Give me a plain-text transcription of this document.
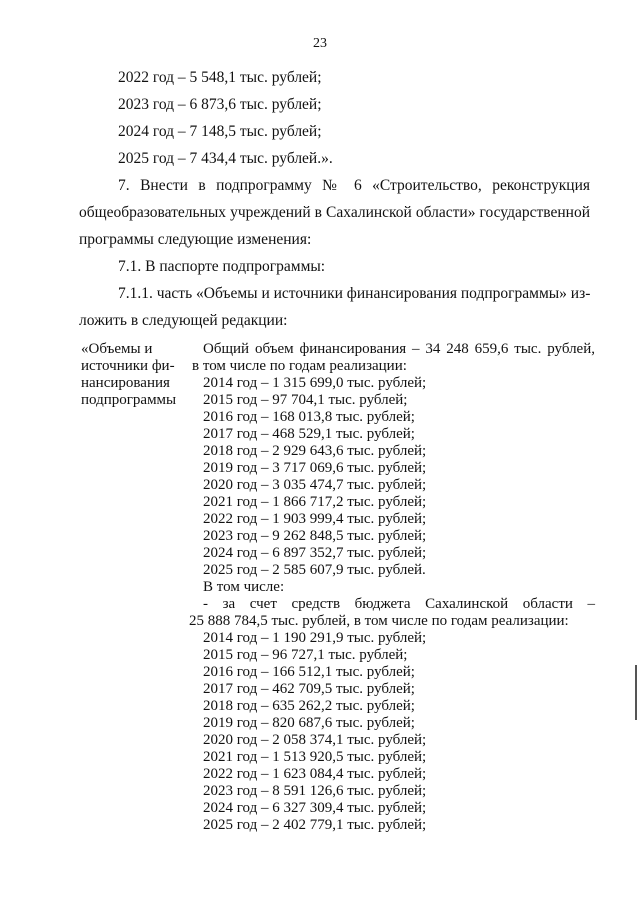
23
2022 год – 5 548,1 тыс. рублей;
2023 год – 6 873,6 тыс. рублей;
2024 год – 7 148,5 тыс. рублей;
2025 год – 7 434,4 тыс. рублей.».
7. Внести в подпрограмму № 6 «Строительство, реконструкция
общеобразовательных учреждений в Сахалинской области» государственной
программы следующие изменения:
7.1. В паспорте подпрограммы:
7.1.1. часть «Объемы и источники финансирования подпрограммы» из-
ложить в следующей редакции:
«Объемы и
источники фи-
нансирования
подпрограммы
Общий объем финансирования – 34 248 659,6 тыс. рублей,
в том числе по годам реализации:
2014 год – 1 315 699,0 тыс. рублей;
2015 год – 97 704,1 тыс. рублей;
2016 год – 168 013,8 тыс. рублей;
2017 год – 468 529,1 тыс. рублей;
2018 год – 2 929 643,6 тыс. рублей;
2019 год – 3 717 069,6 тыс. рублей;
2020 год – 3 035 474,7 тыс. рублей;
2021 год – 1 866 717,2 тыс. рублей;
2022 год – 1 903 999,4 тыс. рублей;
2023 год – 9 262 848,5 тыс. рублей;
2024 год – 6 897 352,7 тыс. рублей;
2025 год – 2 585 607,9 тыс. рублей.
В том числе:
- за счет средств бюджета Сахалинской области –
25 888 784,5 тыс. рублей, в том числе по годам реализации:
2014 год – 1 190 291,9 тыс. рублей;
2015 год – 96 727,1 тыс. рублей;
2016 год – 166 512,1 тыс. рублей;
2017 год – 462 709,5 тыс. рублей;
2018 год – 635 262,2 тыс. рублей;
2019 год – 820 687,6 тыс. рублей;
2020 год – 2 058 374,1 тыс. рублей;
2021 год – 1 513 920,5 тыс. рублей;
2022 год – 1 623 084,4 тыс. рублей;
2023 год – 8 591 126,6 тыс. рублей;
2024 год – 6 327 309,4 тыс. рублей;
2025 год – 2 402 779,1 тыс. рублей;
